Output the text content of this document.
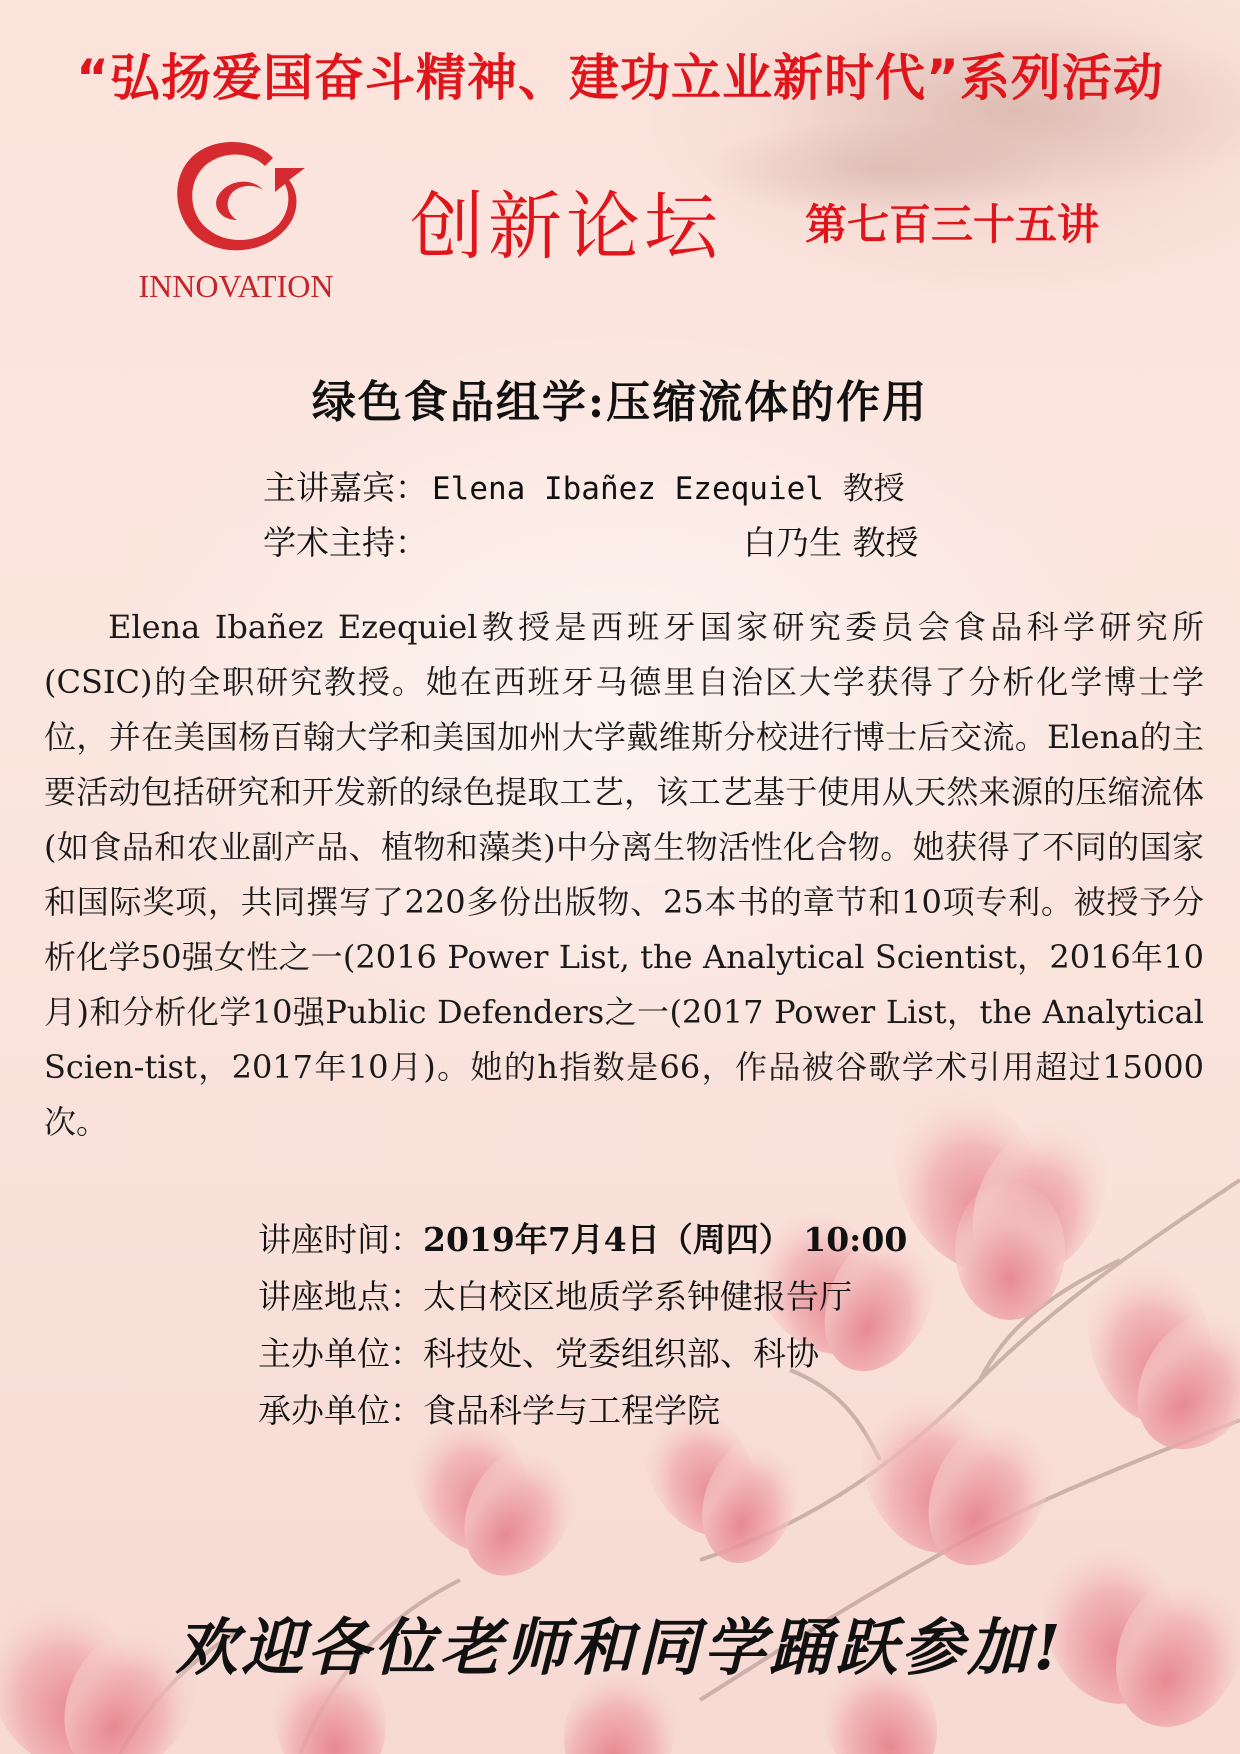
“弘扬爱国奋斗精神、建功立业新时代”系列活动
INNOVATION
创新论坛 第七百三十五讲
绿色食品组学:压缩流体的作用
主讲嘉宾： Elena Ibañez Ezequiel 教授
学术主持：	白乃生 教授

Elena Ibañez Ezequiel教授是西班牙国家研究委员会食品科学研究所(CSIC)的全职研究教授。她在西班牙马德里自治区大学获得了分析化学博士学位，并在美国杨百翰大学和美国加州大学戴维斯分校进行博士后交流。Elena的主要活动包括研究和开发新的绿色提取工艺，该工艺基于使用从天然来源的压缩流体(如食品和农业副产品、植物和藻类)中分离生物活性化合物。她获得了不同的国家和国际奖项，共同撰写了220多份出版物、25本书的章节和10项专利。被授予分析化学50强女性之一(2016 Power List, the Analytical Scientist，2016年10月)和分析化学10强Public Defenders之一(2017 Power List，the Analytical Scien-tist，2017年10月)。她的h指数是66，作品被谷歌学术引用超过15000次。

讲座时间：2019年7月4日（周四） 10:00
讲座地点：太白校区地质学系钟健报告厅
主办单位：科技处、党委组织部、科协
承办单位：食品科学与工程学院
欢迎各位老师和同学踊跃参加!
